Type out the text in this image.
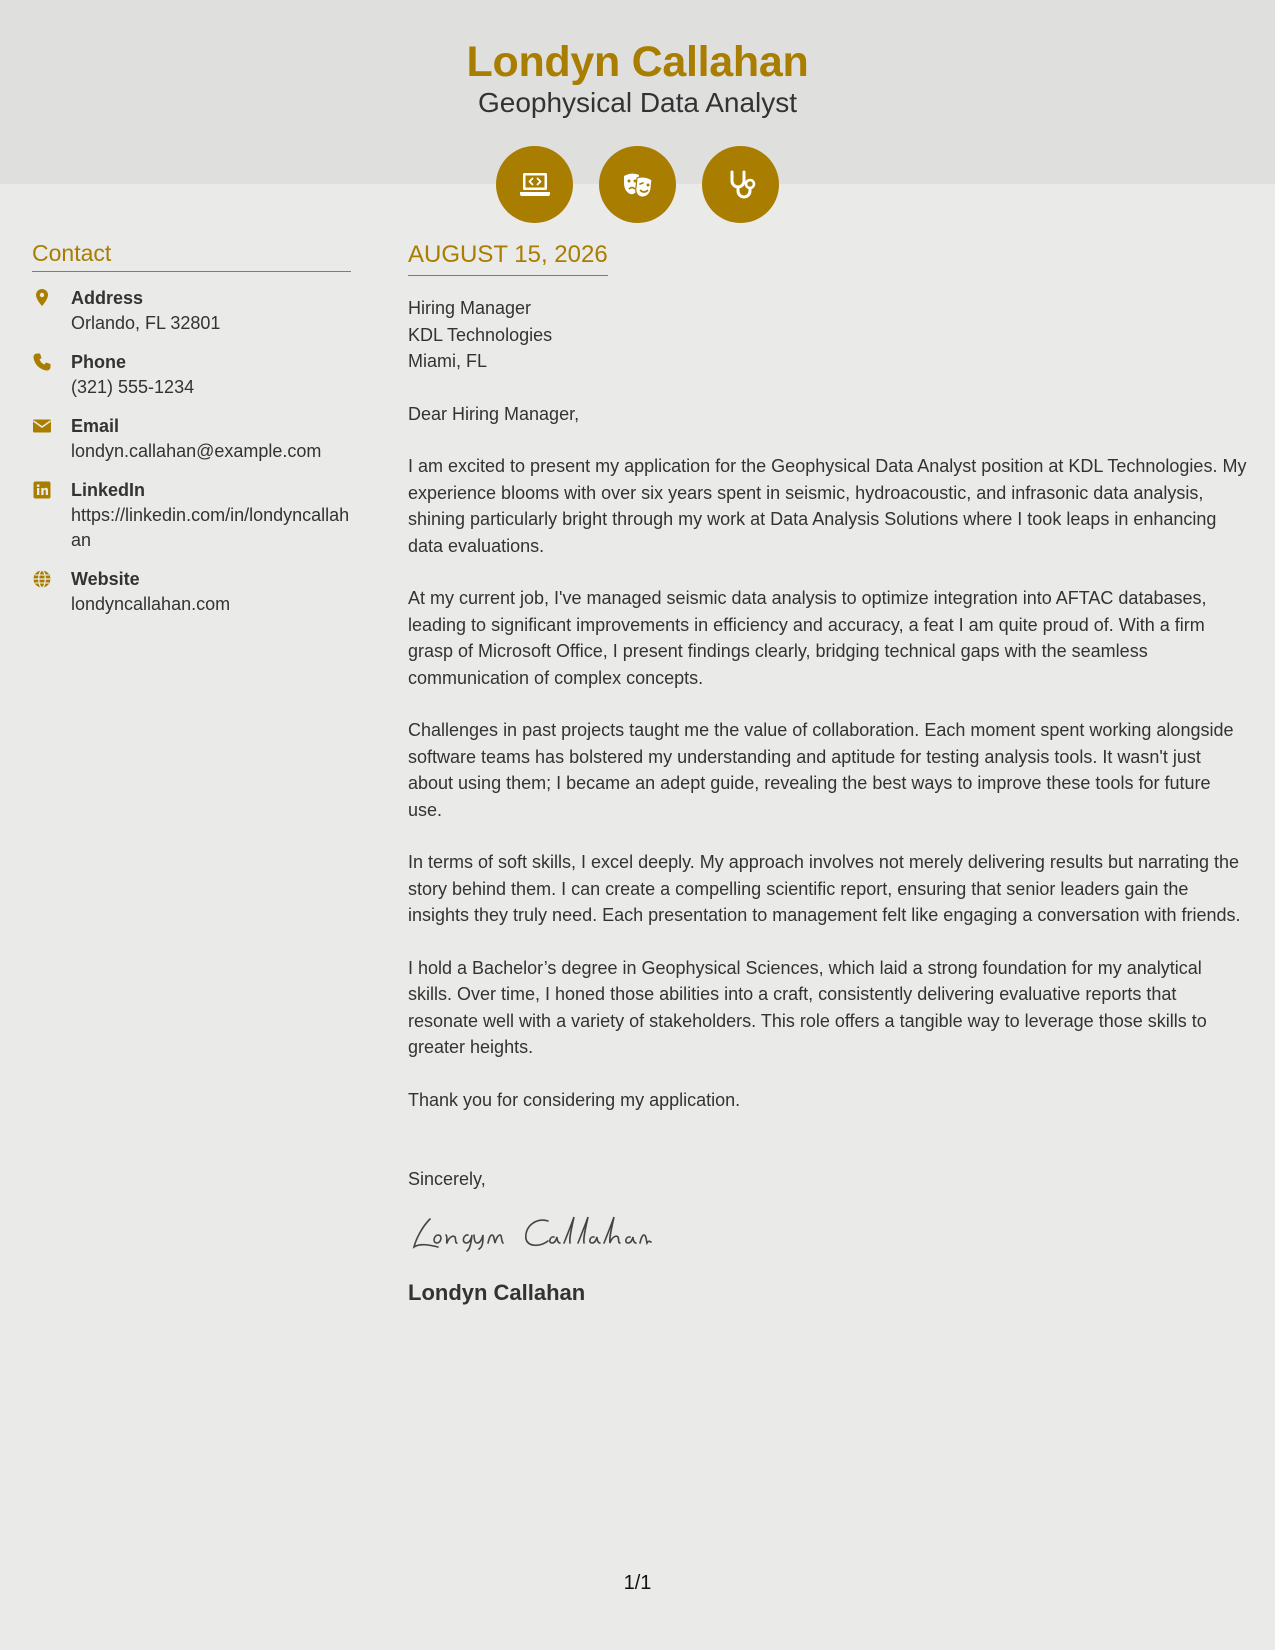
Londyn Callahan
Geophysical Data Analyst
Contact
Address
Orlando, FL 32801
Phone
(321) 555-1234
Email
londyn.callahan@example.com
LinkedIn
https://linkedin.com/in/londyncallahan
Website
londyncallahan.com
AUGUST 15, 2026
Hiring Manager
KDL Technologies
Miami, FL
Dear Hiring Manager,

I am excited to present my application for the Geophysical Data Analyst position at KDL Technologies. My experience blooms with over six years spent in seismic, hydroacoustic, and infrasonic data analysis, shining particularly bright through my work at Data Analysis Solutions where I took leaps in enhancing data evaluations.

At my current job, I've managed seismic data analysis to optimize integration into AFTAC databases, leading to significant improvements in efficiency and accuracy, a feat I am quite proud of. With a firm grasp of Microsoft Office, I present findings clearly, bridging technical gaps with the seamless communication of complex concepts.

Challenges in past projects taught me the value of collaboration. Each moment spent working alongside software teams has bolstered my understanding and aptitude for testing analysis tools. It wasn't just about using them; I became an adept guide, revealing the best ways to improve these tools for future use.

In terms of soft skills, I excel deeply. My approach involves not merely delivering results but narrating the story behind them. I can create a compelling scientific report, ensuring that senior leaders gain the insights they truly need. Each presentation to management felt like engaging a conversation with friends.

I hold a Bachelor’s degree in Geophysical Sciences, which laid a strong foundation for my analytical skills. Over time, I honed those abilities into a craft, consistently delivering evaluative reports that resonate well with a variety of stakeholders. This role offers a tangible way to leverage those skills to greater heights.

Thank you for considering my application.

Sincerely,
Londyn Callahan
1/1
